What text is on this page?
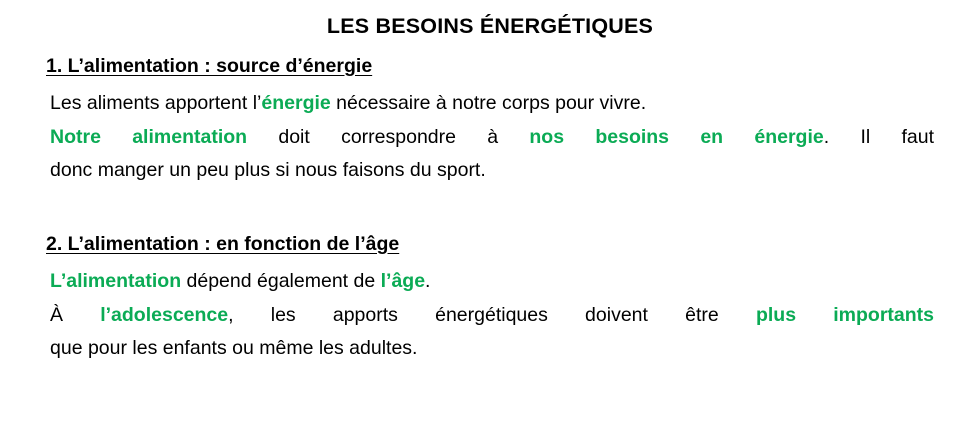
LES BESOINS ÉNERGÉTIQUES
1. L’alimentation : source d’énergie

Les aliments apportent l’énergie nécessaire à notre corps pour vivre.
Notre alimentation doit correspondre à nos besoins en énergie. Il faut
donc manger un peu plus si nous faisons du sport.

2. L’alimentation : en fonction de l’âge

L’alimentation dépend également de l’âge.
À l’adolescence, les apports énergétiques doivent être plus importants
que pour les enfants ou même les adultes.
